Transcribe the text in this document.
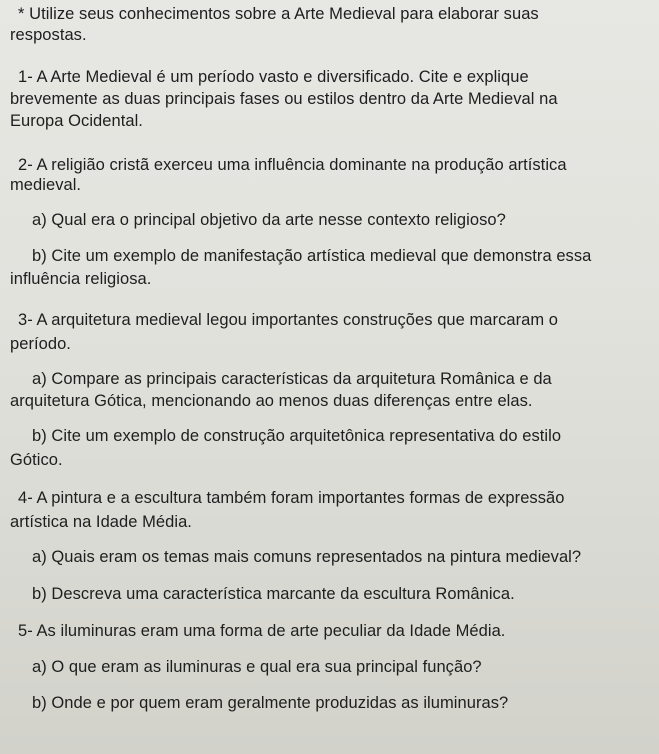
* Utilize seus conhecimentos sobre a Arte Medieval para elaborar suas
respostas.
1- A Arte Medieval é um período vasto e diversificado. Cite e explique
brevemente as duas principais fases ou estilos dentro da Arte Medieval na
Europa Ocidental.
2- A religião cristã exerceu uma influência dominante na produção artística
medieval.
a) Qual era o principal objetivo da arte nesse contexto religioso?
b) Cite um exemplo de manifestação artística medieval que demonstra essa
influência religiosa.
3- A arquitetura medieval legou importantes construções que marcaram o
período.
a) Compare as principais características da arquitetura Românica e da
arquitetura Gótica, mencionando ao menos duas diferenças entre elas.
b) Cite um exemplo de construção arquitetônica representativa do estilo
Gótico.
4- A pintura e a escultura também foram importantes formas de expressão
artística na Idade Média.
a) Quais eram os temas mais comuns representados na pintura medieval?
b) Descreva uma característica marcante da escultura Românica.
5- As iluminuras eram uma forma de arte peculiar da Idade Média.
a) O que eram as iluminuras e qual era sua principal função?
b) Onde e por quem eram geralmente produzidas as iluminuras?
